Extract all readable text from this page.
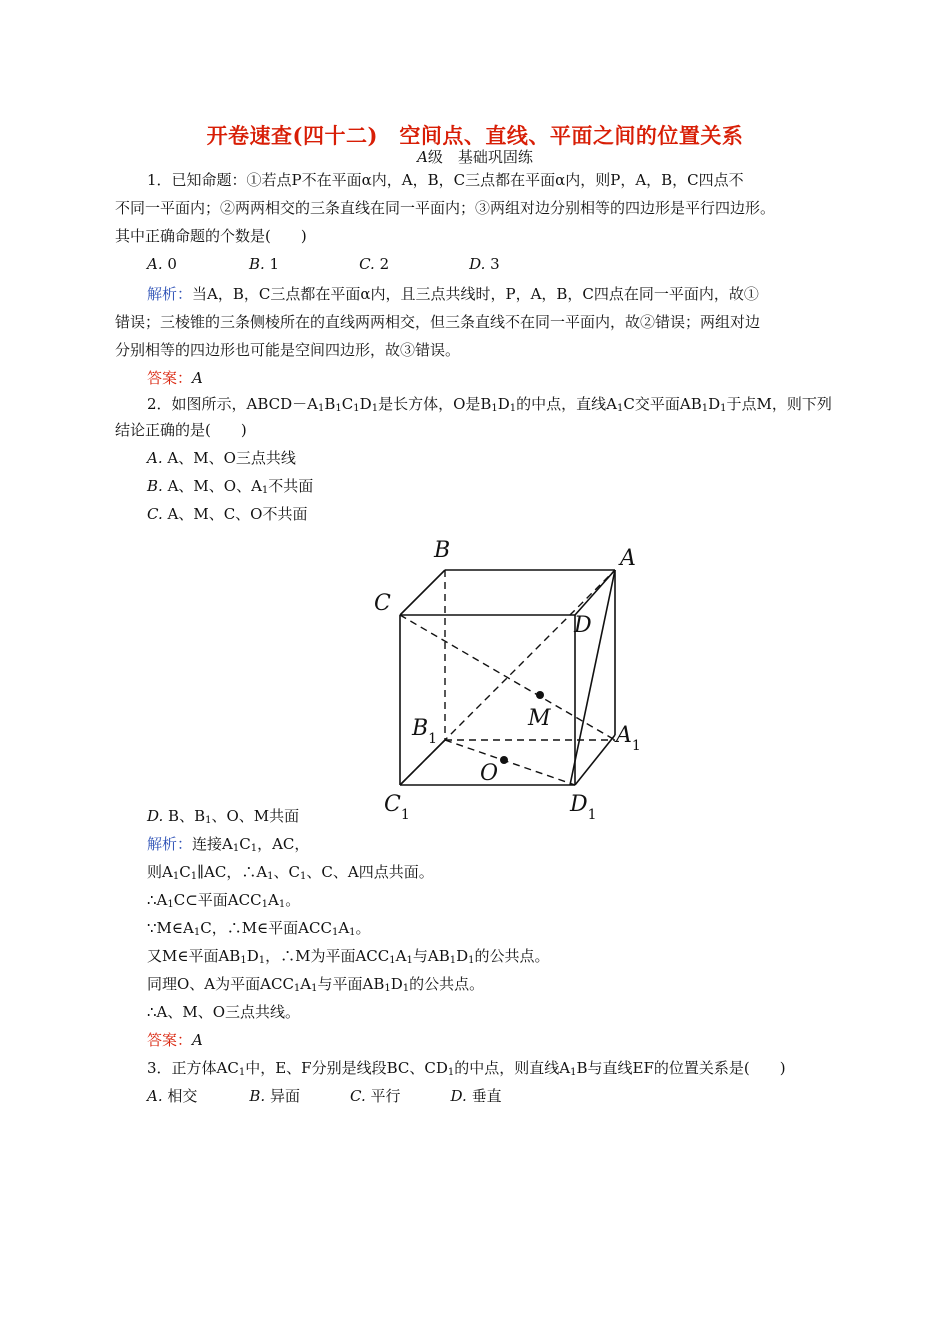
开卷速查(四十二)　空间点、直线、平面之间的位置关系
A级　基础巩固练
1．已知命题：①若点P不在平面α内，A，B，C三点都在平面α内，则P，A，B，C四点不
不同一平面内；②两两相交的三条直线在同一平面内；③两组对边分别相等的四边形是平行四边形。
其中正确命题的个数是(　　)
A. 0	B. 1	C. 2	D. 3
解析：当A，B，C三点都在平面α内，且三点共线时，P，A，B，C四点在同一平面内，故①
错误；三棱锥的三条侧棱所在的直线两两相交，但三条直线不在同一平面内，故②错误；两组对边
分别相等的四边形也可能是空间四边形，故③错误。
答案：A
2．如图所示，$ABCD-A_1B_1C_1D_1$是长方体，O是$B_1D_1$的中点，直线$A_1C$交平面$AB_1D_1$于点M，则下列
结论正确的是(　　)
A. A、M、O三点共线
B. A、M、O、$A_1$不共面
C. A、M、C、O不共面
B	A
C
D
M
$B_1$	$A_1$
O
$C_1$	$D_1$
D. B、$B_1$、O、M共面
解析：连接$A_1C_1$，AC，
则$A_1C_1\parallel AC$，$\therefore A_1$、$C_1$、C、A四点共面。
$\therefore A_1C\subset$平面$ACC_1A_1$。
$\because M\in A_1C$，∴M∈平面$ACC_1A_1$。
又M∈平面$AB_1D_1$，∴M为平面$ACC_1A_1$与$AB_1D_1$的公共点。
同理O、A为平面$ACC_1A_1$与平面$AB_1D_1$的公共点。
∴A、M、O三点共线。
答案：A
3．正方体$AC_1$中，E、F分别是线段BC、$CD_1$的中点，则直线$A_1B$与直线EF的位置关系是(　　)
A. 相交	B. 异面	C. 平行	D. 垂直
